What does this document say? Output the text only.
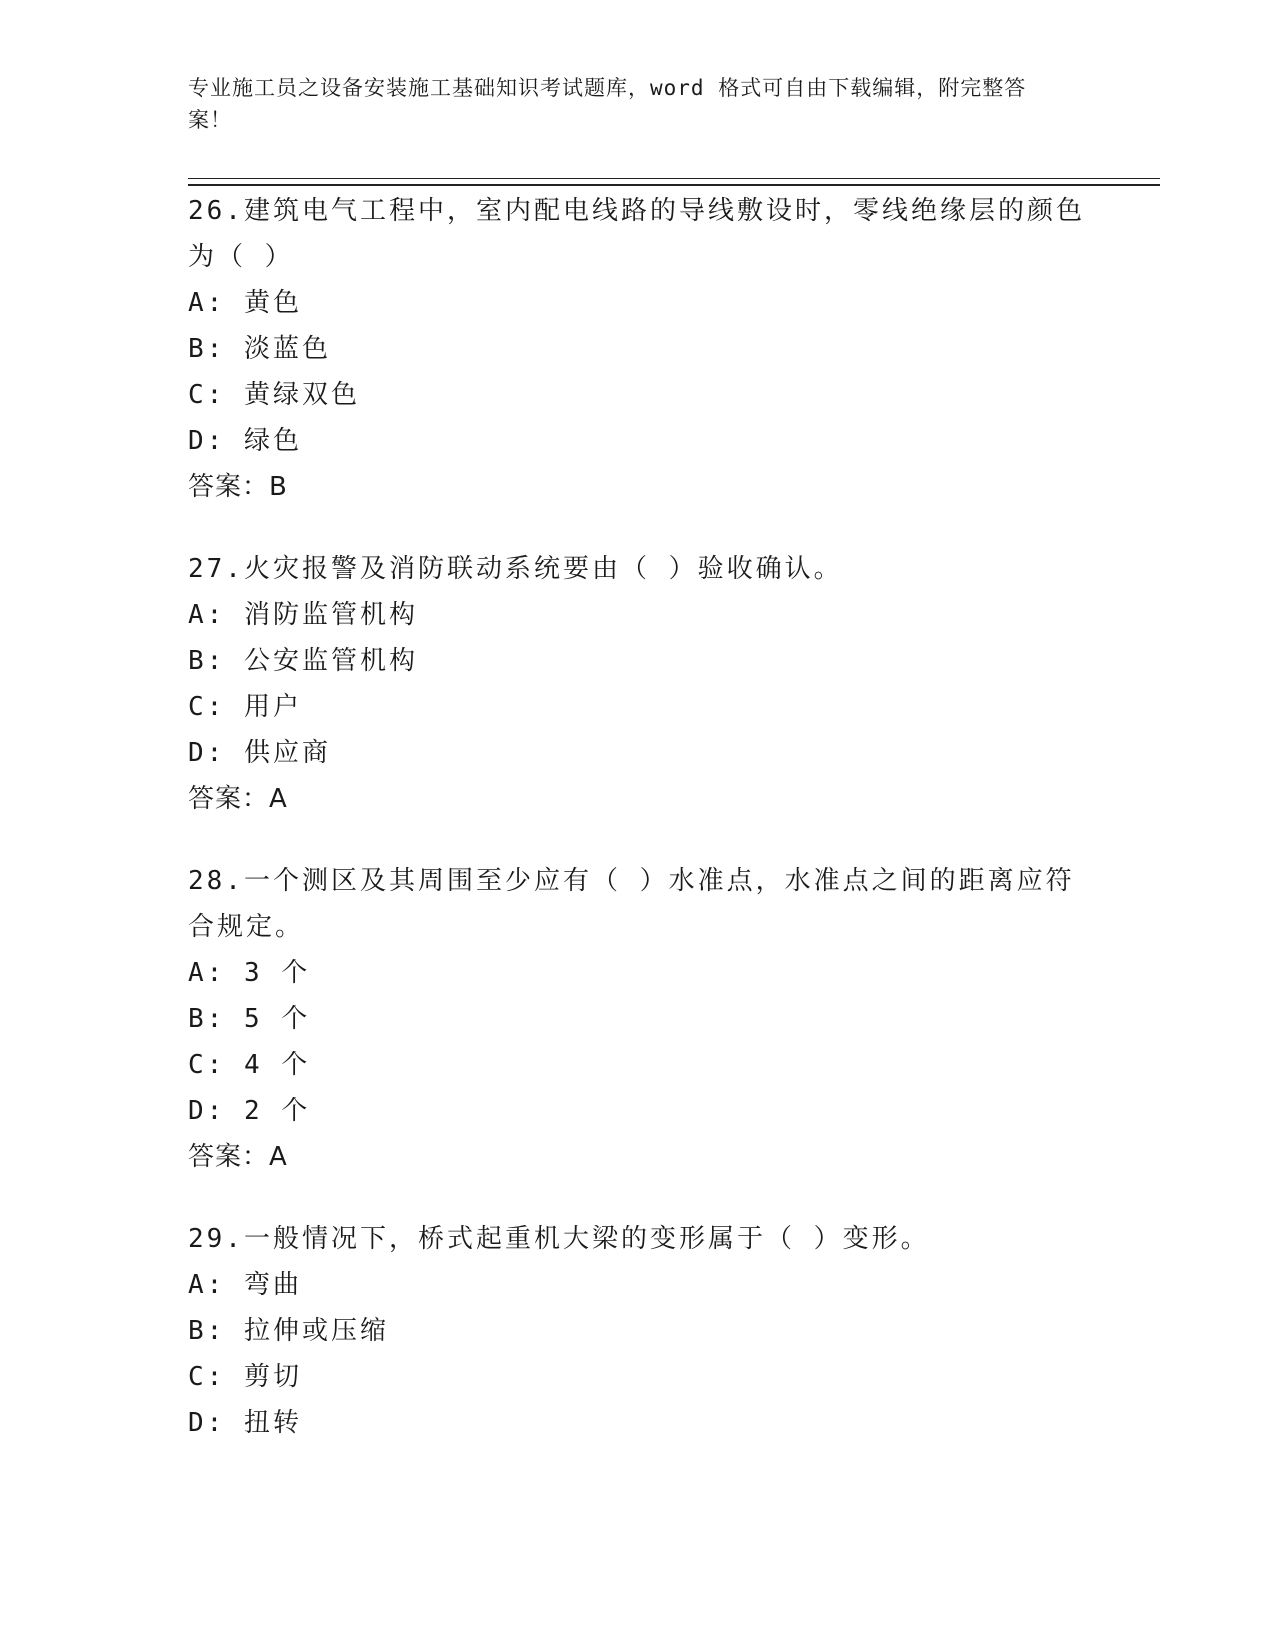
专业施工员之设备安装施工基础知识考试题库，word 格式可自由下载编辑，附完整答案！
26.建筑电气工程中，室内配电线路的导线敷设时，零线绝缘层的颜色为（ ）
A: 黄色
B: 淡蓝色
C: 黄绿双色
D: 绿色
答案：B
27.火灾报警及消防联动系统要由（ ）验收确认。
A: 消防监管机构
B: 公安监管机构
C: 用户
D: 供应商
答案：A
28.一个测区及其周围至少应有（ ）水准点，水准点之间的距离应符合规定。
A: 3 个
B: 5 个
C: 4 个
D: 2 个
答案：A
29.一般情况下，桥式起重机大梁的变形属于（ ）变形。
A: 弯曲
B: 拉伸或压缩
C: 剪切
D: 扭转
